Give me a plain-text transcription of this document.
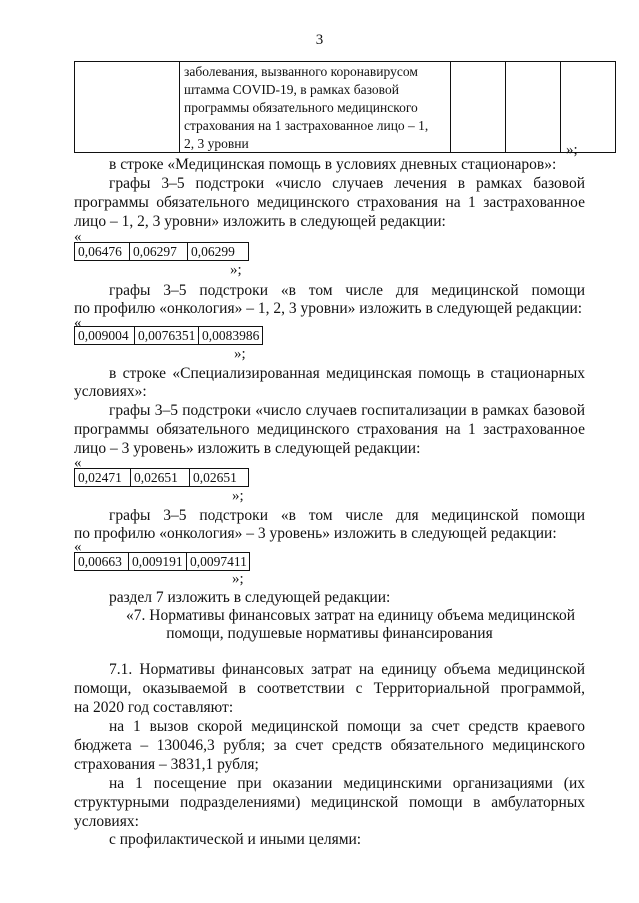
3

заболевания, вызванного коронавирусом
штамма COVID-19, в рамках базовой
программы обязательного медицинского
страхования на 1 застрахованное лицо – 1,
2, 3 уровни
				»;
в строке «Медицинская помощь в условиях дневных стационаров»:
графы 3–5 подстроки «число случаев лечения в рамках базовой
программы обязательного медицинского страхования на 1 застрахованное
лицо – 1, 2, 3 уровни» изложить в следующей редакции:
«
0,06476	0,06297	0,06299
»;
графы 3–5 подстроки «в том числе для медицинской помощи
по профилю «онкология» – 1, 2, 3 уровни» изложить в следующей редакции:
«
0,009004	0,0076351	0,0083986
»;
в строке «Специализированная медицинская помощь в стационарных
условиях»:
графы 3–5 подстроки «число случаев госпитализации в рамках базовой
программы обязательного медицинского страхования на 1 застрахованное
лицо – 3 уровень» изложить в следующей редакции:
«
0,02471	0,02651	0,02651
»;
графы 3–5 подстроки «в том числе для медицинской помощи
по профилю «онкология» – 3 уровень» изложить в следующей редакции:
«
0,00663	0,009191	0,0097411
»;
раздел 7 изложить в следующей редакции:
«7. Нормативы финансовых затрат на единицу объема медицинской
помощи, подушевые нормативы финансирования
7.1. Нормативы финансовых затрат на единицу объема медицинской
помощи, оказываемой в соответствии с Территориальной программой,
на 2020 год составляют:
на 1 вызов скорой медицинской помощи за счет средств краевого
бюджета – 130046,3 рубля; за счет средств обязательного медицинского
страхования – 3831,1 рубля;
на 1 посещение при оказании медицинскими организациями (их
структурными подразделениями) медицинской помощи в амбулаторных
условиях:
с профилактической и иными целями:
